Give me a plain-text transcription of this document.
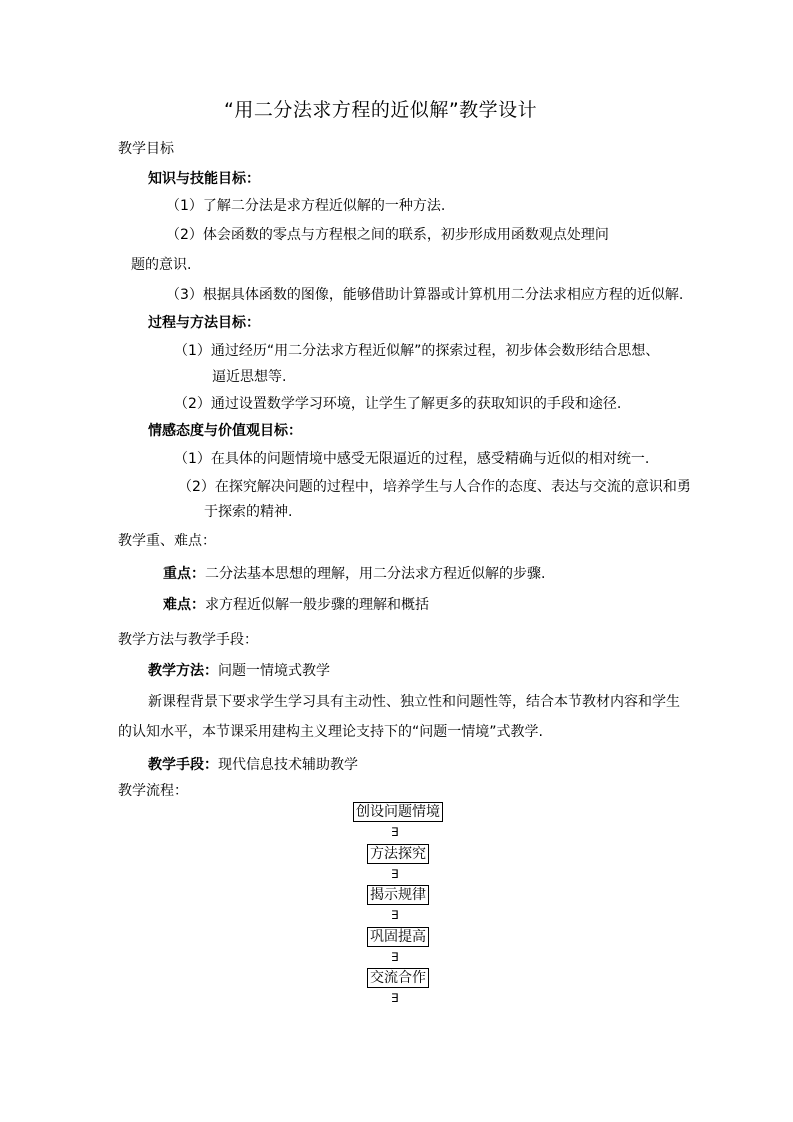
“用二分法求方程的近似解”教学设计
教学目标
知识与技能目标：
（1）了解二分法是求方程近似解的一种方法.
（2）体会函数的零点与方程根之间的联系，初步形成用函数观点处理问
题的意识.
（3）根据具体函数的图像，能够借助计算器或计算机用二分法求相应方程的近似解.
过程与方法目标：
（1）通过经历“用二分法求方程近似解”的探索过程，初步体会数形结合思想、
逼近思想等.
（2）通过设置数学学习环境，让学生了解更多的获取知识的手段和途径.
情感态度与价值观目标：
（1）在具体的问题情境中感受无限逼近的过程，感受精确与近似的相对统一.
（2）在探究解决问题的过程中，培养学生与人合作的态度、表达与交流的意识和勇
于探索的精神.
教学重、难点：
重点：二分法基本思想的理解，用二分法求方程近似解的步骤.
难点：求方程近似解一般步骤的理解和概括
教学方法与教学手段：
教学方法：问题一情境式教学
新课程背景下要求学生学习具有主动性、独立性和问题性等，结合本节教材内容和学生
的认知水平，本节课采用建构主义理论支持下的“问题一情境”式教学.
教学手段：现代信息技术辅助教学
教学流程：
创设问题情境
∃
方法探究
∃
揭示规律
∃
巩固提高
∃
交流合作
∃
